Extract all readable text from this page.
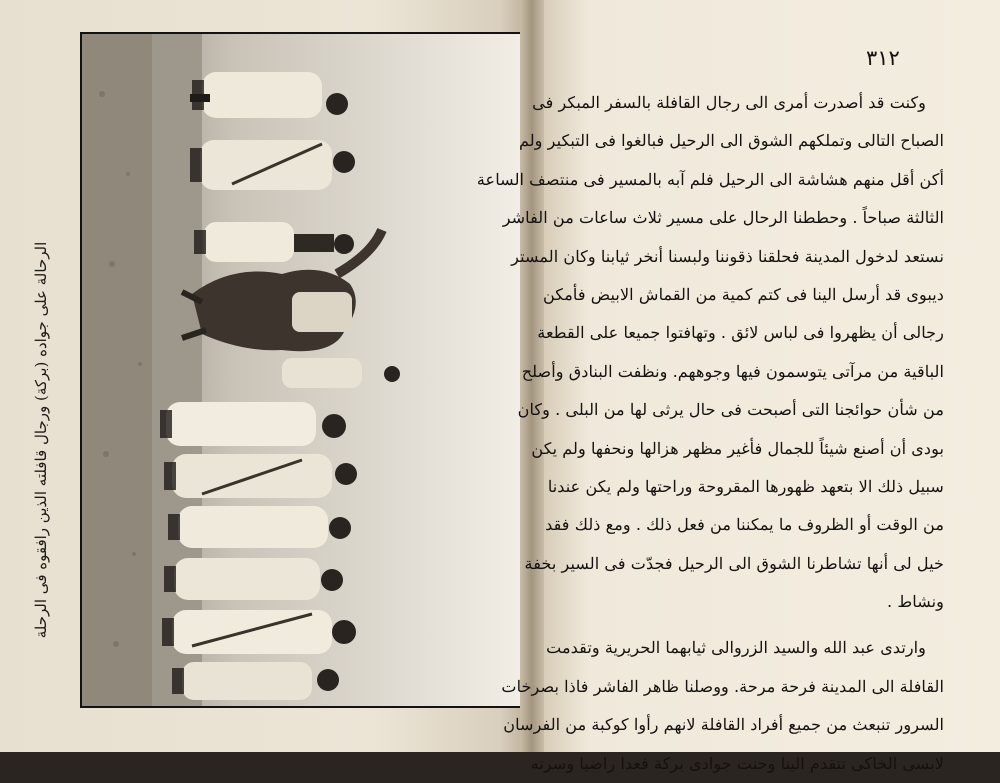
الرحالة على جواده (بركة) ورجال قافلته الذين رافقوه فى الرحلة
٣١٢
وكنت قد أصدرت أمرى الى رجال القافلة بالسفر المبكر فى
الصباح التالى وتملكهم الشوق الى الرحيل فبالغوا فى التبكير ولم
أكن أقل منهم هشاشة الى الرحيل فلم آبه بالمسير فى منتصف الساعة
الثالثة صباحاً . وحططنا الرحال على مسير ثلاث ساعات من الفاشر
نستعد لدخول المدينة فحلقنا ذقوننا ولبسنا أنخر ثيابنا وكان المستر
ديبوى قد أرسل الينا فى كتم كمية من القماش الابيض فأمكن
رجالى أن يظهروا فى لباس لائق . وتهافتوا جميعا على القطعة
الباقية من مرآتى يتوسمون فيها وجوههم. ونظفت البنادق وأصلح
من شأن حوائجنا التى أصبحت فى حال يرثى لها من البلى . وكان
بودى أن أصنع شيئاً للجمال فأغير مظهر هزالها ونحفها ولم يكن
سبيل ذلك الا بتعهد ظهورها المقروحة وراحتها ولم يكن عندنا
من الوقت أو الظروف ما يمكننا من فعل ذلك . ومع ذلك فقد
خيل لى أنها تشاطرنا الشوق الى الرحيل فجدّت فى السير بخفة
ونشاط .
وارتدى عبد الله والسيد الزروالى ثيابهما الحريرية وتقدمت
القافلة الى المدينة فرحة مرحة. ووصلنا ظاهر الفاشر فاذا بصرخات
السرور تنبعث من جميع أفراد القافلة لانهم رأوا كوكبة من الفرسان
لابسى الخاكى تتقدم الينا وحنت جوادى بركة فعدا راضيا وسرته
